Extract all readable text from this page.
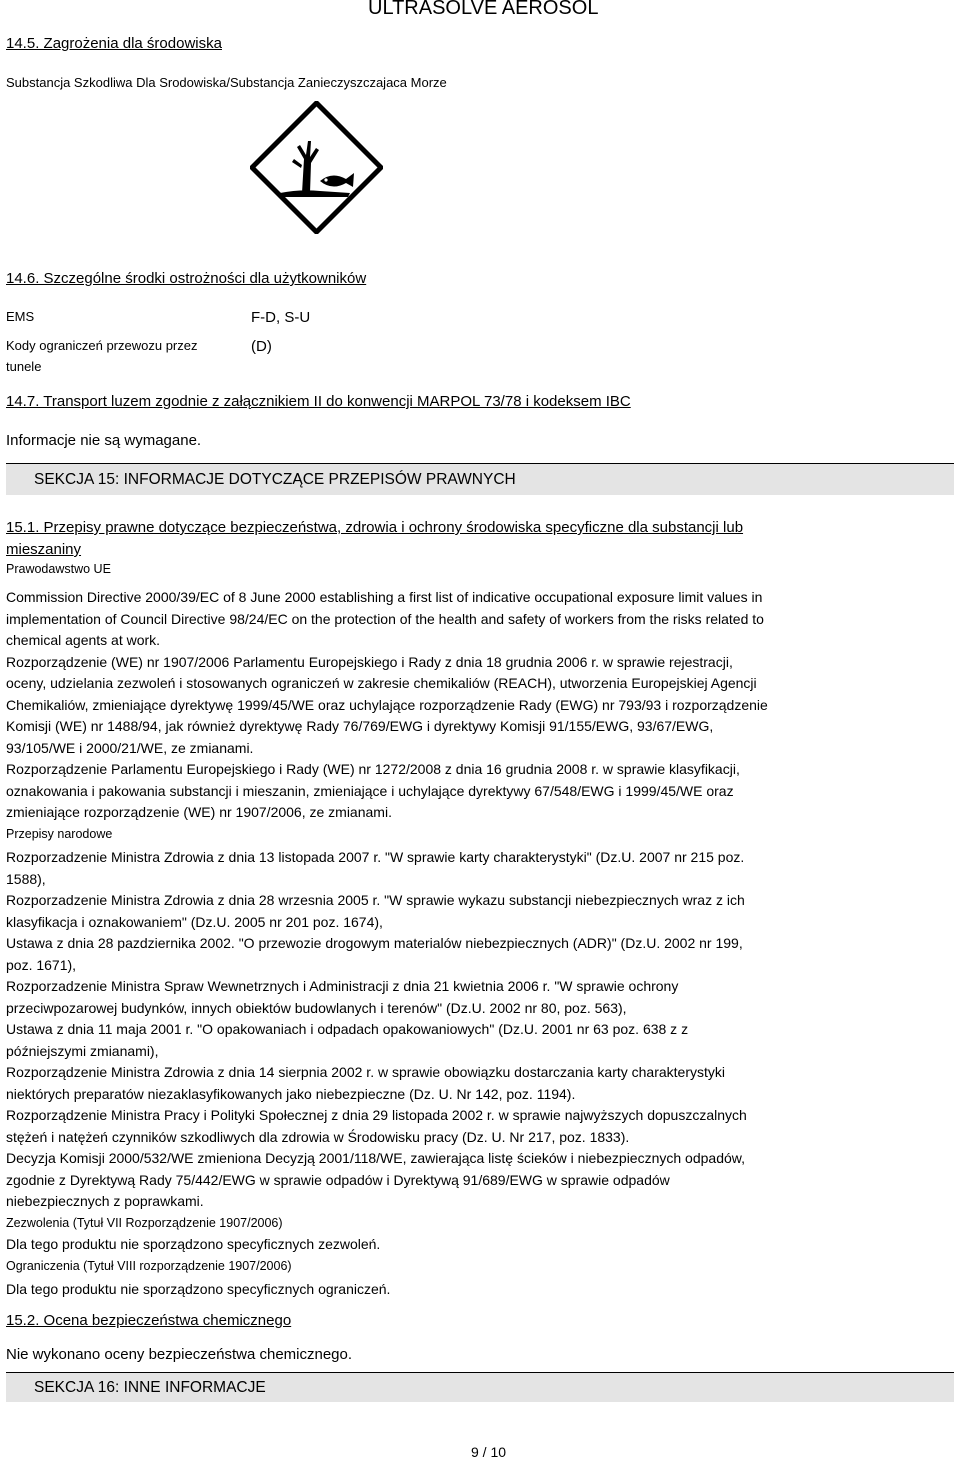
ULTRASOLVE AEROSOL
14.5. Zagrożenia dla środowiska
Substancja Szkodliwa Dla Srodowiska/Substancja Zanieczyszczajaca Morze
14.6. Szczególne środki ostrożności dla użytkowników
EMS	F-D, S-U
Kody ograniczeń przewozu przez
tunele
(D)
14.7. Transport luzem zgodnie z załącznikiem II do konwencji MARPOL 73/78 i kodeksem IBC
Informacje nie są wymagane.
SEKCJA 15: INFORMACJE DOTYCZĄCE PRZEPISÓW PRAWNYCH
15.1. Przepisy prawne dotyczące bezpieczeństwa, zdrowia i ochrony środowiska specyficzne dla substancji lub
mieszaniny
Prawodawstwo UE
Commission Directive 2000/39/EC of 8 June 2000 establishing a first list of indicative occupational exposure limit values in
implementation of Council Directive 98/24/EC on the protection of the health and safety of workers from the risks related to
chemical agents at work.
Rozporządzenie (WE) nr 1907/2006 Parlamentu Europejskiego i Rady z dnia 18 grudnia 2006 r. w sprawie rejestracji,
oceny, udzielania zezwoleń i stosowanych ograniczeń w zakresie chemikaliów (REACH), utworzenia Europejskiej Agencji
Chemikaliów, zmieniające dyrektywę 1999/45/WE oraz uchylające rozporządzenie Rady (EWG) nr 793/93 i rozporządzenie
Komisji (WE) nr 1488/94, jak również dyrektywę Rady 76/769/EWG i dyrektywy Komisji 91/155/EWG, 93/67/EWG,
93/105/WE i 2000/21/WE, ze zmianami.
Rozporządzenie Parlamentu Europejskiego i Rady (WE) nr 1272/2008 z dnia 16 grudnia 2008 r. w sprawie klasyfikacji,
oznakowania i pakowania substancji i mieszanin, zmieniające i uchylające dyrektywy 67/548/EWG i 1999/45/WE oraz
zmieniające rozporządzenie (WE) nr 1907/2006, ze zmianami.
Przepisy narodowe
Rozporzadzenie Ministra Zdrowia z dnia 13 listopada 2007 r. "W sprawie karty charakterystyki" (Dz.U. 2007 nr 215 poz.
1588),
Rozporzadzenie Ministra Zdrowia z dnia 28 wrzesnia 2005 r. "W sprawie wykazu substancji niebezpiecznych wraz z ich
klasyfikacja i oznakowaniem" (Dz.U. 2005 nr 201 poz. 1674),
Ustawa z dnia 28 pazdziernika 2002. "O przewozie drogowym materialów niebezpiecznych (ADR)" (Dz.U. 2002 nr 199,
poz. 1671),
Rozporzadzenie Ministra Spraw Wewnetrznych i Administracji z dnia 21 kwietnia 2006 r. "W sprawie ochrony
przeciwpozarowej budynków, innych obiektów budowlanych i terenów" (Dz.U. 2002 nr 80, poz. 563),
Ustawa z dnia 11 maja 2001 r. "O opakowaniach i odpadach opakowaniowych" (Dz.U. 2001 nr 63 poz. 638 z z
późniejszymi zmianami),
Rozporządzenie Ministra Zdrowia z dnia 14 sierpnia 2002 r. w sprawie obowiązku dostarczania karty charakterystyki
niektórych preparatów niezaklasyfikowanych jako niebezpieczne (Dz. U. Nr 142, poz. 1194).
Rozporządzenie Ministra Pracy i Polityki Społecznej z dnia 29 listopada 2002 r. w sprawie najwyższych dopuszczalnych
stężeń i natężeń czynników szkodliwych dla zdrowia w Środowisku pracy (Dz. U. Nr 217, poz. 1833).
Decyzja Komisji 2000/532/WE zmieniona Decyzją 2001/118/WE, zawierająca listę ścieków i niebezpiecznych odpadów,
zgodnie z Dyrektywą Rady 75/442/EWG w sprawie odpadów i Dyrektywą 91/689/EWG w sprawie odpadów
niebezpiecznych z poprawkami.
Zezwolenia (Tytuł VII Rozporządzenie 1907/2006)
Dla tego produktu nie sporządzono specyficznych zezwoleń.
Ograniczenia (Tytuł VIII rozporządzenie 1907/2006)
Dla tego produktu nie sporządzono specyficznych ograniczeń.
15.2. Ocena bezpieczeństwa chemicznego
Nie wykonano oceny bezpieczeństwa chemicznego.
SEKCJA 16: INNE INFORMACJE
9 / 10
